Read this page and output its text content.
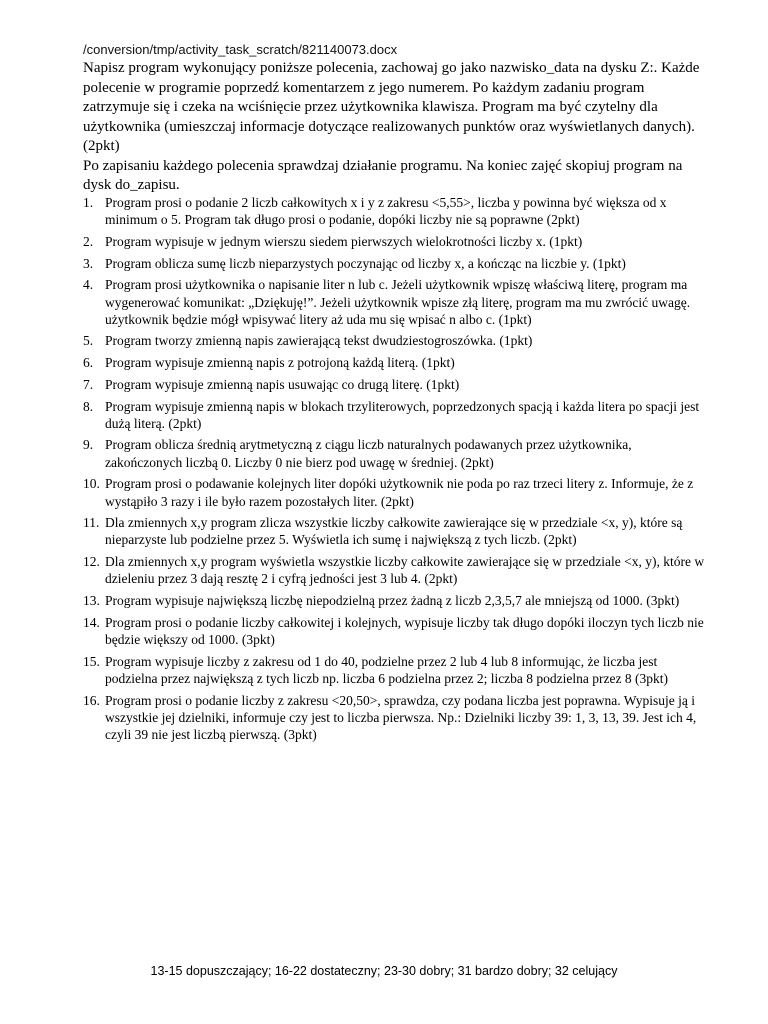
/conversion/tmp/activity_task_scratch/821140073.docx

Napisz program wykonujący poniższe polecenia, zachowaj go jako nazwisko_data na dysku Z:. Każde polecenie w programie poprzedź komentarzem z jego numerem. Po każdym zadaniu program zatrzymuje się i czeka na wciśnięcie przez użytkownika klawisza. Program ma być czytelny dla użytkownika (umieszczaj informacje dotyczące realizowanych punktów oraz wyświetlanych danych). (2pkt)

Po zapisaniu każdego polecenia sprawdzaj działanie programu. Na koniec zajęć skopiuj program na dysk do_zapisu.

1. Program prosi o podanie 2 liczb całkowitych x i y z zakresu <5,55>, liczba y powinna być większa od x minimum o 5. Program tak długo prosi o podanie, dopóki liczby nie są poprawne (2pkt)
2. Program wypisuje w jednym wierszu siedem pierwszych wielokrotności liczby x. (1pkt)
3. Program oblicza sumę liczb nieparzystych poczynając od liczby x, a kończąc na liczbie y. (1pkt)
4. Program prosi użytkownika o napisanie liter n lub c. Jeżeli użytkownik wpiszę właściwą literę, program ma wygenerować komunikat: „Dziękuję!”. Jeżeli użytkownik wpisze złą literę, program ma mu zwrócić uwagę. użytkownik będzie mógł wpisywać litery aż uda mu się wpisać n albo c. (1pkt)
5. Program tworzy zmienną napis zawierającą tekst dwudziestogroszówka. (1pkt)
6. Program wypisuje zmienną napis z potrojoną każdą literą. (1pkt)
7. Program wypisuje zmienną napis usuwając co drugą literę. (1pkt)
8. Program wypisuje zmienną napis w blokach trzyliterowych, poprzedzonych spacją i każda litera po spacji jest dużą literą. (2pkt)
9. Program oblicza średnią arytmetyczną z ciągu liczb naturalnych podawanych przez użytkownika, zakończonych liczbą 0. Liczby 0 nie bierz pod uwagę w średniej. (2pkt)
10. Program prosi o podawanie kolejnych liter dopóki użytkownik nie poda po raz trzeci litery z. Informuje, że z wystąpiło 3 razy i ile było razem pozostałych liter. (2pkt)
11. Dla zmiennych x,y program zlicza wszystkie liczby całkowite zawierające się w przedziale <x, y), które są nieparzyste lub podzielne przez 5. Wyświetla ich sumę i największą z tych liczb. (2pkt)
12. Dla zmiennych x,y program wyświetla wszystkie liczby całkowite zawierające się w przedziale <x, y), które w dzieleniu przez 3 dają resztę 2 i cyfrą jedności jest 3 lub 4. (2pkt)
13. Program wypisuje największą liczbę niepodzielną przez żadną z liczb 2,3,5,7 ale mniejszą od 1000. (3pkt)
14. Program prosi o podanie liczby całkowitej i kolejnych, wypisuje liczby tak długo dopóki iloczyn tych liczb nie będzie większy od 1000. (3pkt)
15. Program wypisuje liczby z zakresu od 1 do 40, podzielne przez 2 lub 4 lub 8 informując, że liczba jest podzielna przez największą z tych liczb np. liczba 6 podzielna przez 2; liczba 8 podzielna przez 8 (3pkt)
16. Program prosi o podanie liczby z zakresu <20,50>, sprawdza, czy podana liczba jest poprawna. Wypisuje ją i wszystkie jej dzielniki, informuje czy jest to liczba pierwsza. Np.: Dzielniki liczby 39: 1, 3, 13, 39. Jest ich 4, czyli 39 nie jest liczbą pierwszą. (3pkt)
13-15 dopuszczający; 16-22 dostateczny; 23-30 dobry; 31 bardzo dobry; 32 celujący
